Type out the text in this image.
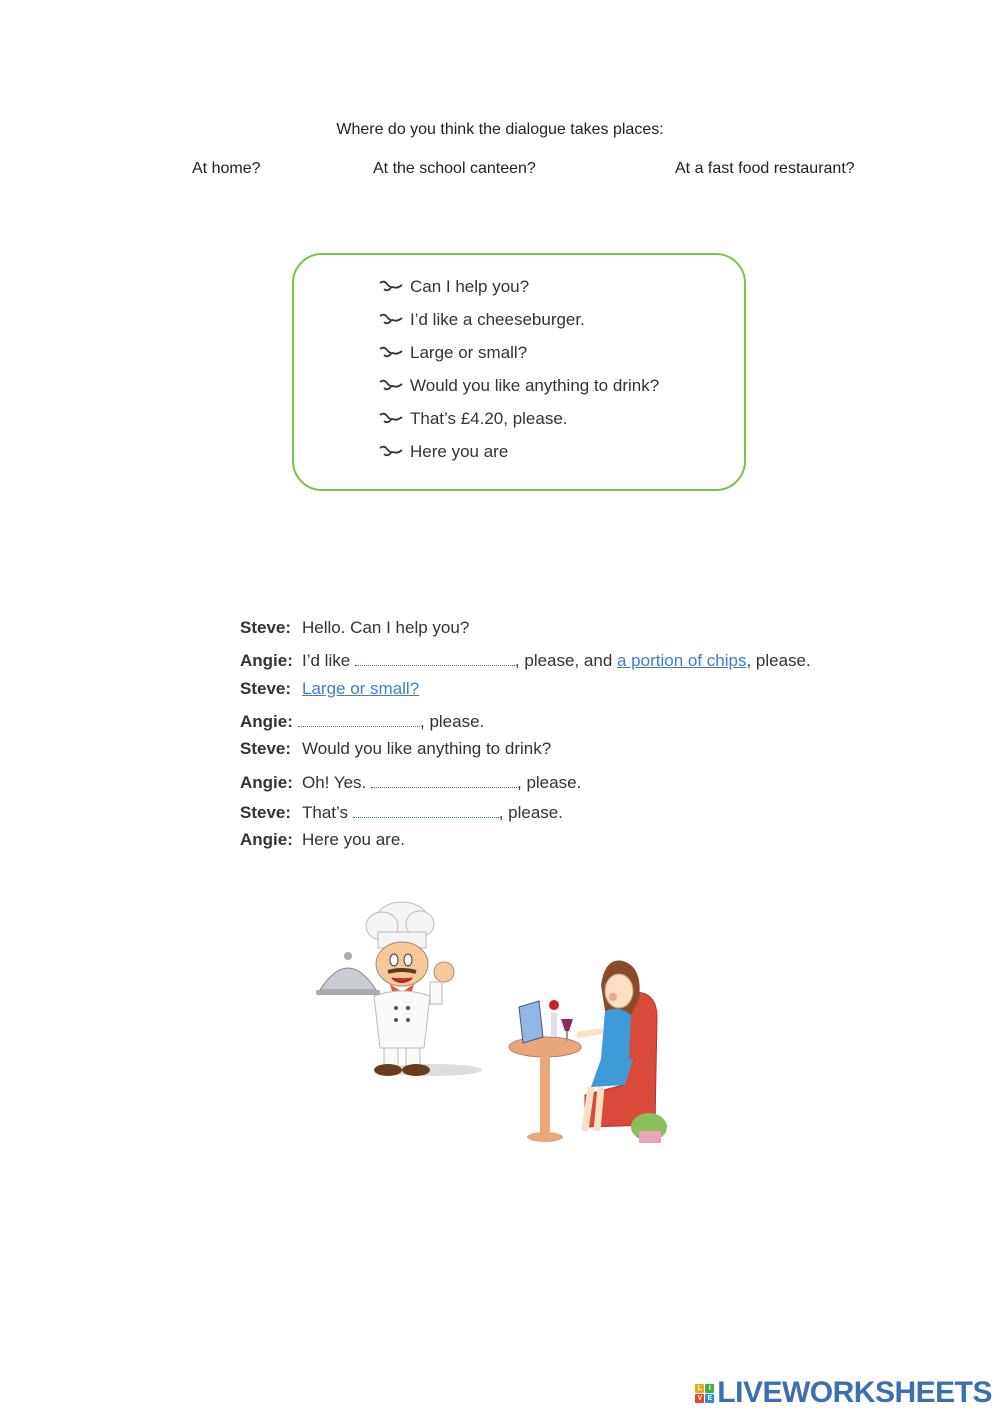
Where do you think the dialogue takes places:
At home?	At the school canteen?	At a fast food restaurant?
Can I help you?
I’d like a cheeseburger.
Large or small?
Would you like anything to drink?
That’s £4.20, please.
Here you are
Steve: Hello. Can I help you?
Angie: I’d like	, please, and a portion of chips, please.
Steve: Large or small?
Angie:	, please.
Steve: Would you like anything to drink?
Angie: Oh! Yes.	, please.
Steve: That’s	, please.
Angie: Here you are.
L I
V E LIVEWORKSHEETS
